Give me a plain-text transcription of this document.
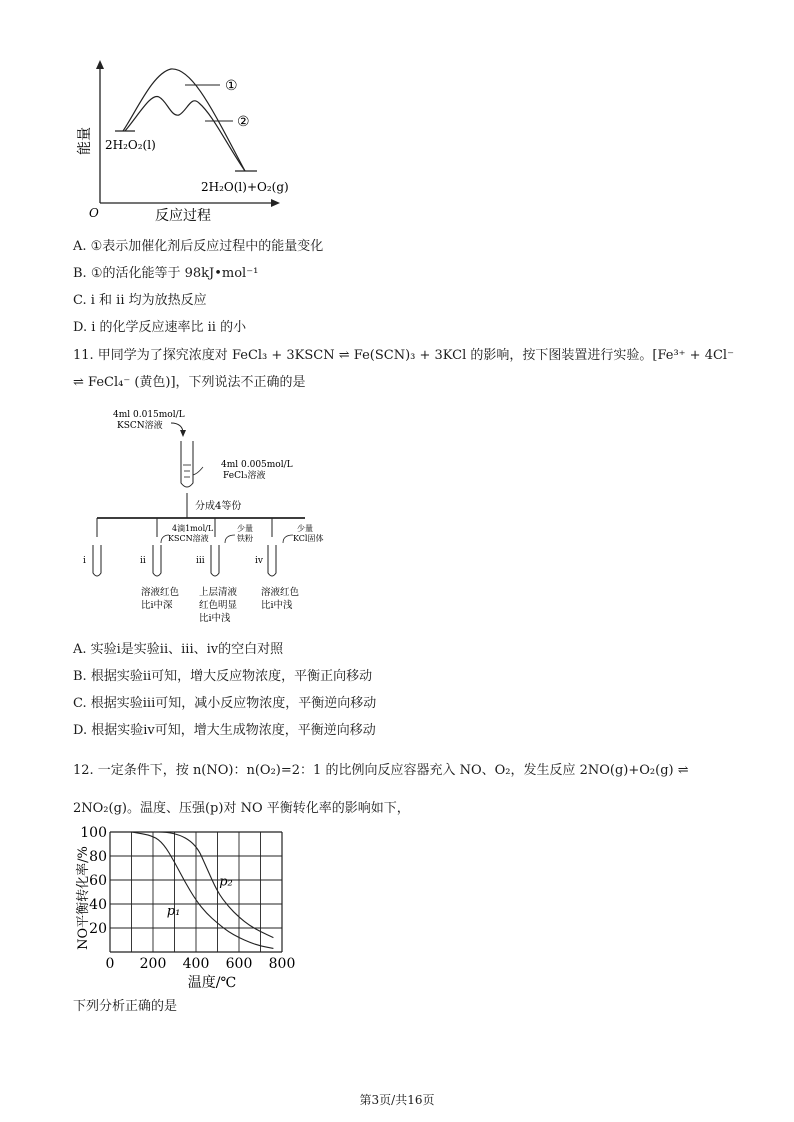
①
②
2H₂O₂(l)
2H₂O(l)+O₂(g)
O	反应过程
能量
A. ①表示加催化剂后反应过程中的能量变化
B. ①的活化能等于 98kJ•mol⁻¹
C. i 和 ii 均为放热反应
D. i 的化学反应速率比 ii 的小
11. 甲同学为了探究浓度对 FeCl₃ + 3KSCN ⇌ Fe(SCN)₃ + 3KCl 的影响，按下图装置进行实验。[Fe³⁺ + 4Cl⁻
⇌ FeCl₄⁻ (黄色)]，下列说法不正确的是
4ml 0.015mol/L
KSCN溶液
4ml 0.005mol/L
FeCl₃溶液
分成4等份
4滴1mol/L
KSCN溶液
少量
铁粉
少量
KCl固体
i	ii	iii	iv
溶液红色
比i中深
上层清液
红色明显
比i中浅
溶液红色
比i中浅
A. 实验i是实验ii、iii、iv的空白对照
B. 根据实验ii可知，增大反应物浓度，平衡正向移动
C. 根据实验iii可知，减小反应物浓度，平衡逆向移动
D. 根据实验iv可知，增大生成物浓度，平衡逆向移动
12. 一定条件下，按 n(NO)：n(O₂)=2：1 的比例向反应容器充入 NO、O₂，发生反应 2NO(g)+O₂(g) ⇌
2NO₂(g)。温度、压强(p)对 NO 平衡转化率的影响如下，
0 200 400 600 800
20
40
60
80
100
p₁
p₂
温度/℃
NO平衡转化率/%
下列分析正确的是
第3页/共16页
